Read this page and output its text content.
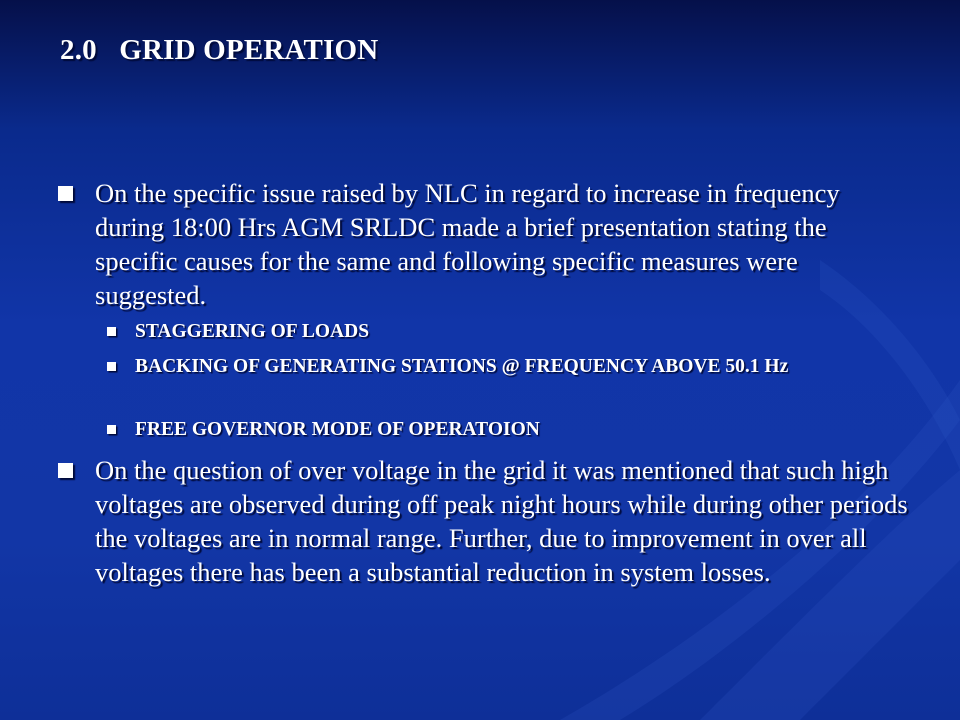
2.0   GRID OPERATION
On the specific issue raised by NLC in regard to increase in frequency during 18:00 Hrs AGM SRLDC made a brief presentation stating the specific causes for the same and following specific measures were suggested.
STAGGERING OF LOADS
BACKING OF GENERATING STATIONS @ FREQUENCY ABOVE 50.1 Hz
FREE GOVERNOR MODE OF OPERATOION
On the question of over voltage in the grid it was mentioned that such high voltages are observed during off peak night hours while during other periods the voltages are in normal range. Further, due to improvement in over all voltages there has been a substantial reduction in system losses.
